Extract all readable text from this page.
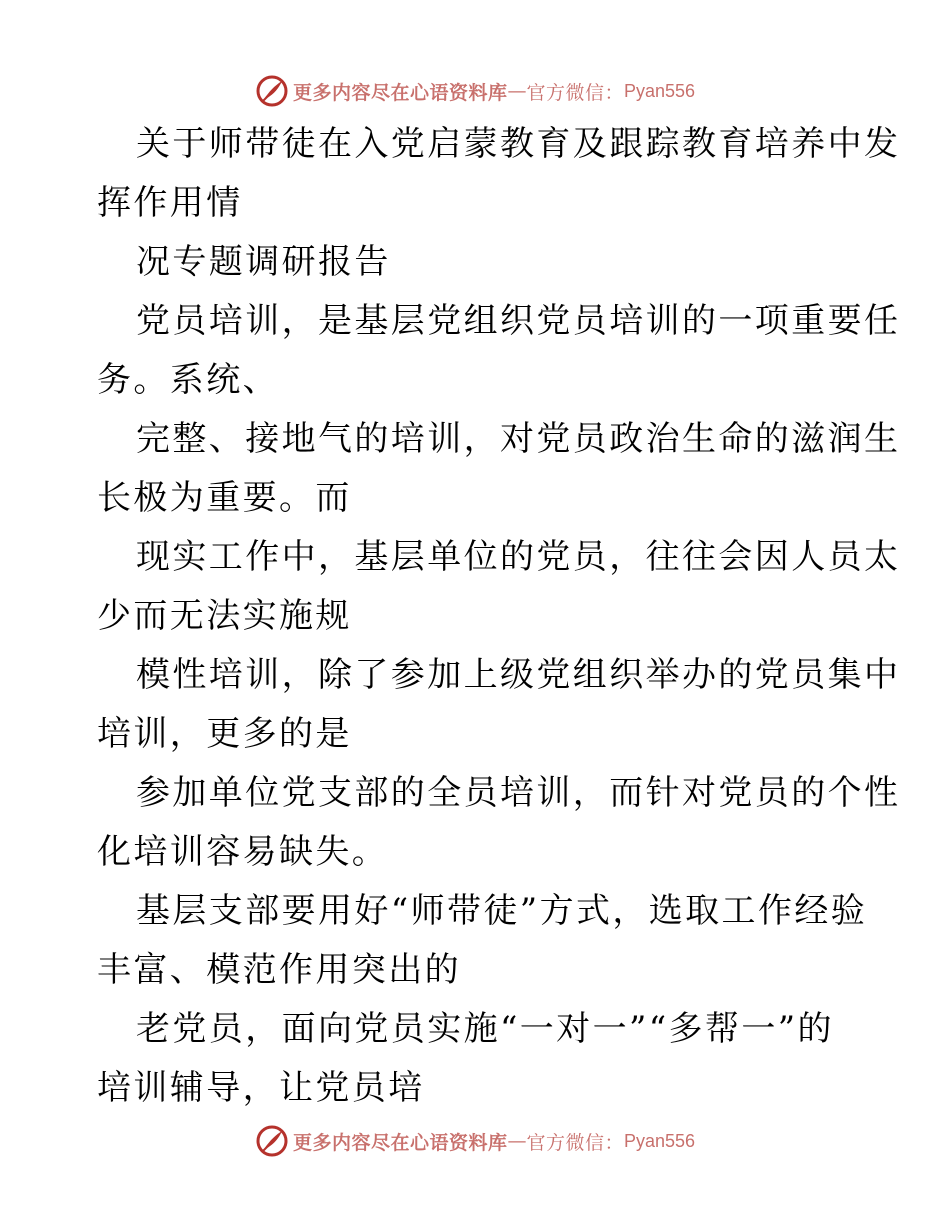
更多内容尽在心语资料库 — 官方微信： Pyan556
关于师带徒在入党启蒙教育及跟踪教育培养中发
挥作用情
况专题调研报告
党员培训，是基层党组织党员培训的一项重要任
务。系统、
完整、接地气的培训，对党员政治生命的滋润生
长极为重要。而
现实工作中，基层单位的党员，往往会因人员太
少而无法实施规
模性培训，除了参加上级党组织举办的党员集中
培训，更多的是
参加单位党支部的全员培训，而针对党员的个性
化培训容易缺失。
基层支部要用好“师带徒”方式，选取工作经验
丰富、模范作用突出的
老党员，面向党员实施“一对一”“多帮一”的
培训辅导，让党员培
更多内容尽在心语资料库 — 官方微信： Pyan556
